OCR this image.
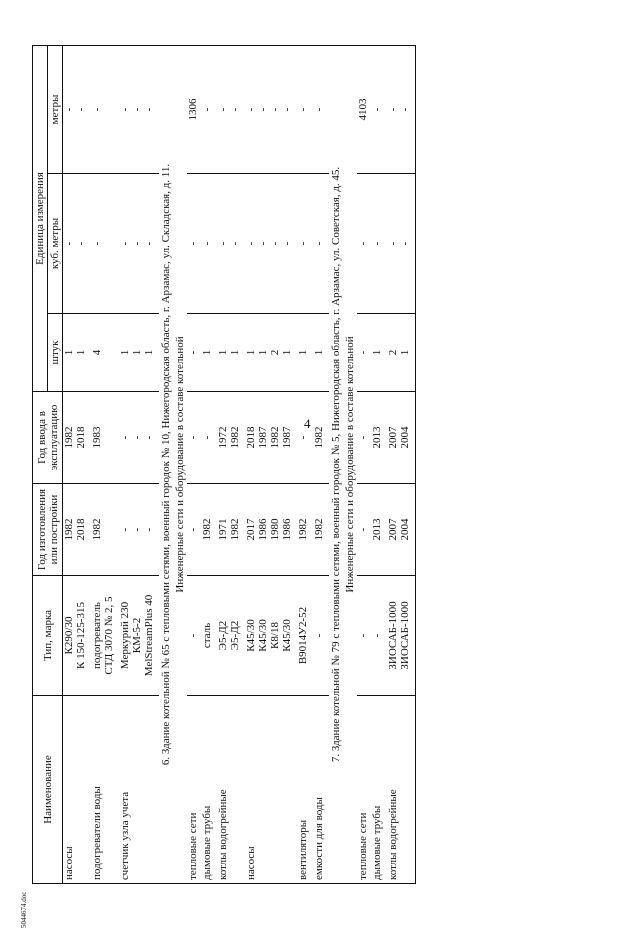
4
5044674.doc
Наименование	Тип, марка	Год изготовления или постройки	Год ввода в эксплуатацию	Единица измерения		
				штук	куб. метры	метры
насосы	К290/30	1982	1982	1	-	-
	К 150-125-315	2018	2018	1	-	-

подогреватели воды	подогреватель	1982	1983	4	-	-
	СТД 3070 № 2, 5					

счетчик узла учета	Меркурий 230	-	-	1	-	-
	КМ-5-2	-	-	1	-	-
	MelStreamPlus 40	-	-	1	-	-

6. Здание котельной № 65 с тепловыми сетями, военный городок № 10, Нижегородская область, г. Арзамас, ул. Складская, д. 11.						
Инженерные сети и оборудование в составе котельной						
тепловые сети	-	-	-	-	-	1306
дымовые трубы	сталь	1982	-	1	-	-

котлы водогрейные	Э5-Д2	1971	1972	1	-	-
	Э5-Д2	1982	1982	1	-	-

насосы	К45/30	2017	2018	1	-	-
	К45/30	1986	1987	1	-	-
	К8/18	1980	1982	2	-	-
	К45/30	1986	1987	1	-	-

вентиляторы	В9014У2-52	1982	-	1	-	-

емкости для воды	-	1982	1982	1	-	-

7. Здание котельной № 79 с тепловыми сетями, военный городок № 5, Нижегородская область, г. Арзамас, ул. Советская, д. 45.						
Инженерные сети и оборудование в составе котельной						
тепловые сети	-	-	-	-	-	4103
дымовые трубы	-	2013	2013	1	-	-

котлы водогрейные	ЗИОСАБ-1000	2007	2007	2	-	-
	ЗИОСАБ-1000	2004	2004	1	-	-
